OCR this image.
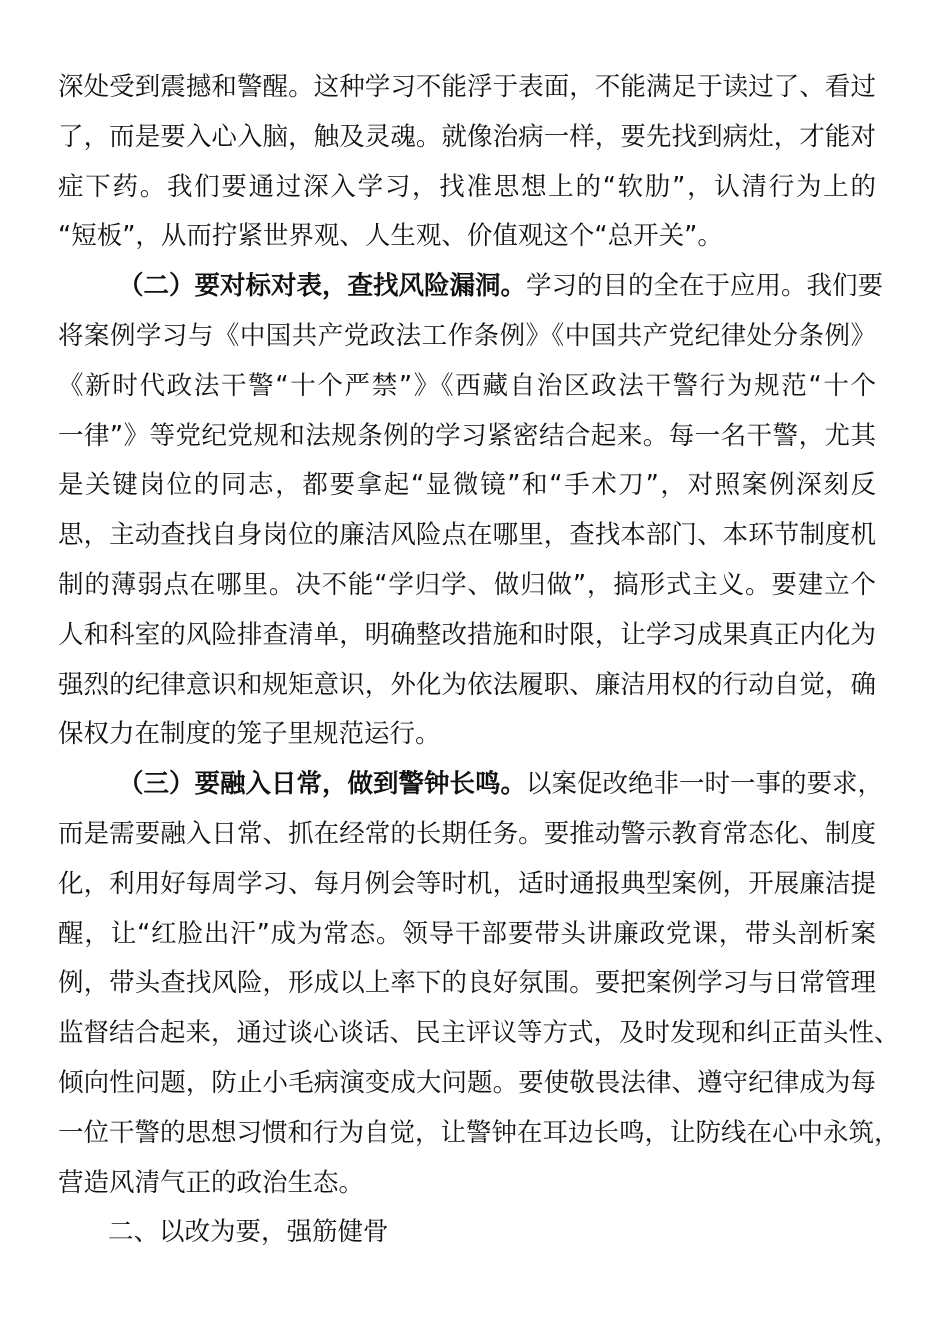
深处受到震撼和警醒。这种学习不能浮于表面，不能满足于读过了、看过
了，而是要入心入脑，触及灵魂。就像治病一样，要先找到病灶，才能对
症下药。我们要通过深入学习，找准思想上的“软肋”，认清行为上的
“短板”，从而拧紧世界观、人生观、价值观这个“总开关”。
（二）要对标对表，查找风险漏洞。学习的目的全在于应用。我们要
将案例学习与《中国共产党政法工作条例》《中国共产党纪律处分条例》
《新时代政法干警“十个严禁”》《西藏自治区政法干警行为规范“十个
一律”》等党纪党规和法规条例的学习紧密结合起来。每一名干警，尤其
是关键岗位的同志，都要拿起“显微镜”和“手术刀”，对照案例深刻反
思，主动查找自身岗位的廉洁风险点在哪里，查找本部门、本环节制度机
制的薄弱点在哪里。决不能“学归学、做归做”，搞形式主义。要建立个
人和科室的风险排查清单，明确整改措施和时限，让学习成果真正内化为
强烈的纪律意识和规矩意识，外化为依法履职、廉洁用权的行动自觉，确
保权力在制度的笼子里规范运行。
（三）要融入日常，做到警钟长鸣。以案促改绝非一时一事的要求，
而是需要融入日常、抓在经常的长期任务。要推动警示教育常态化、制度
化，利用好每周学习、每月例会等时机，适时通报典型案例，开展廉洁提
醒，让“红脸出汗”成为常态。领导干部要带头讲廉政党课，带头剖析案
例，带头查找风险，形成以上率下的良好氛围。要把案例学习与日常管理
监督结合起来，通过谈心谈话、民主评议等方式，及时发现和纠正苗头性、
倾向性问题，防止小毛病演变成大问题。要使敬畏法律、遵守纪律成为每
一位干警的思想习惯和行为自觉，让警钟在耳边长鸣，让防线在心中永筑，
营造风清气正的政治生态。
二、以改为要，强筋健骨
